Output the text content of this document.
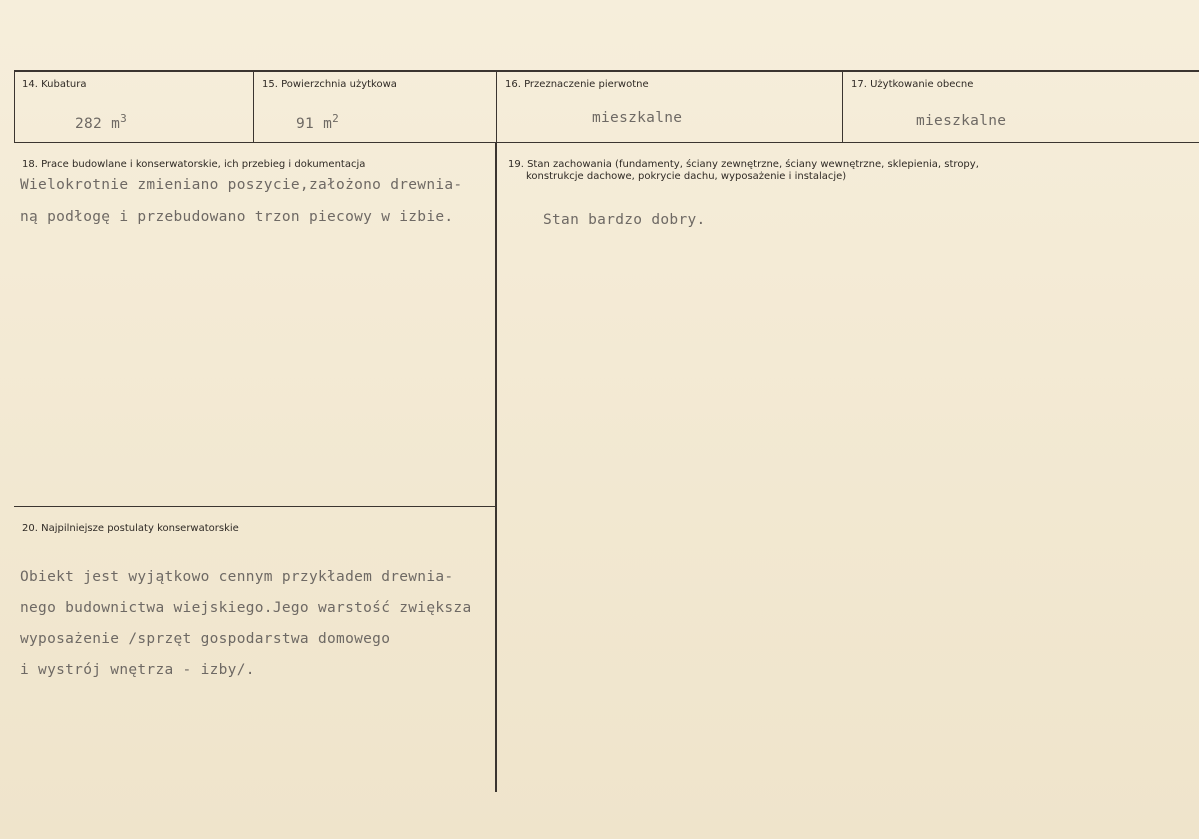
14. Kubatura
282 $m^3$
15. Powierzchnia użytkowa
91 $m^2$
16. Przeznaczenie pierwotne
mieszkalne
17. Użytkowanie obecne
mieszkalne
18. Prace budowlane i konserwatorskie, ich przebieg i dokumentacja
Wielokrotnie zmieniano poszycie,założono drewnia-
ną podłogę i przebudowano trzon piecowy w izbie.
19. Stan zachowania (fundamenty, ściany zewnętrzne, ściany wewnętrzne, sklepienia, stropy,
konstrukcje dachowe, pokrycie dachu, wyposażenie i instalacje)
Stan bardzo dobry.
20. Najpilniejsze postulaty konserwatorskie
Obiekt jest wyjątkowo cennym przykładem drewnia-
nego budownictwa wiejskiego.Jego warstość zwiększa
wyposażenie /sprzęt gospodarstwa domowego
i wystrój wnętrza - izby/.
